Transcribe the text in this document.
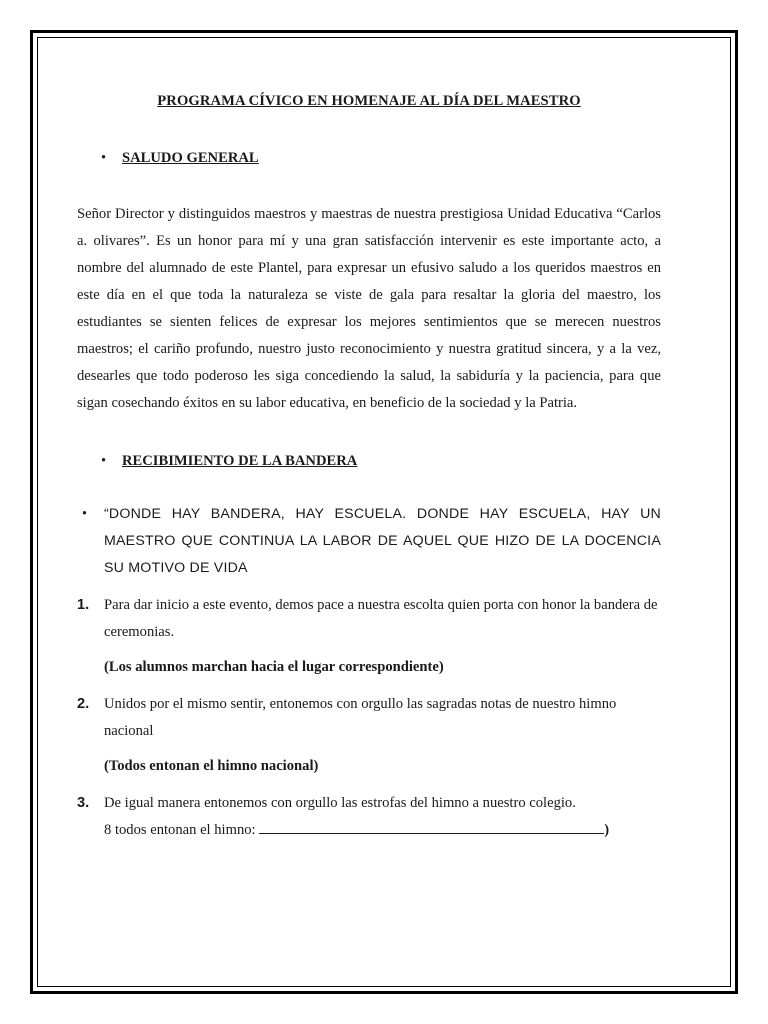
PROGRAMA CÍVICO EN HOMENAJE AL DÍA DEL MAESTRO

• SALUDO GENERAL

Señor Director y distinguidos maestros y maestras de nuestra prestigiosa Unidad Educativa “Carlos a. olivares”. Es un honor para mí y una gran satisfacción intervenir es este importante acto, a nombre del alumnado de este Plantel, para expresar un efusivo saludo a los queridos maestros en este día en el que toda la naturaleza se viste de gala para resaltar la gloria del maestro, los estudiantes se sienten felices de expresar los mejores sentimientos que se merecen nuestros maestros; el cariño profundo, nuestro justo reconocimiento y nuestra gratitud sincera, y a la vez, desearles que todo poderoso les siga concediendo la salud, la sabiduría y la paciencia, para que sigan cosechando éxitos en su labor educativa, en beneficio de la sociedad y la Patria.

• RECIBIMIENTO DE LA BANDERA

• “DONDE HAY BANDERA, HAY ESCUELA. DONDE HAY ESCUELA, HAY UN MAESTRO QUE CONTINUA LA LABOR DE AQUEL QUE HIZO DE LA DOCENCIA SU MOTIVO DE VIDA

1. Para dar inicio a este evento, demos pace a nuestra escolta quien porta con honor la bandera de ceremonias.

(Los alumnos marchan hacia el lugar correspondiente)

2. Unidos por el mismo sentir, entonemos con orgullo las sagradas notas de nuestro himno nacional

(Todos entonan el himno nacional)

3. De igual manera entonemos con orgullo las estrofas del himno a nuestro colegio.
8 todos entonan el himno:	)
